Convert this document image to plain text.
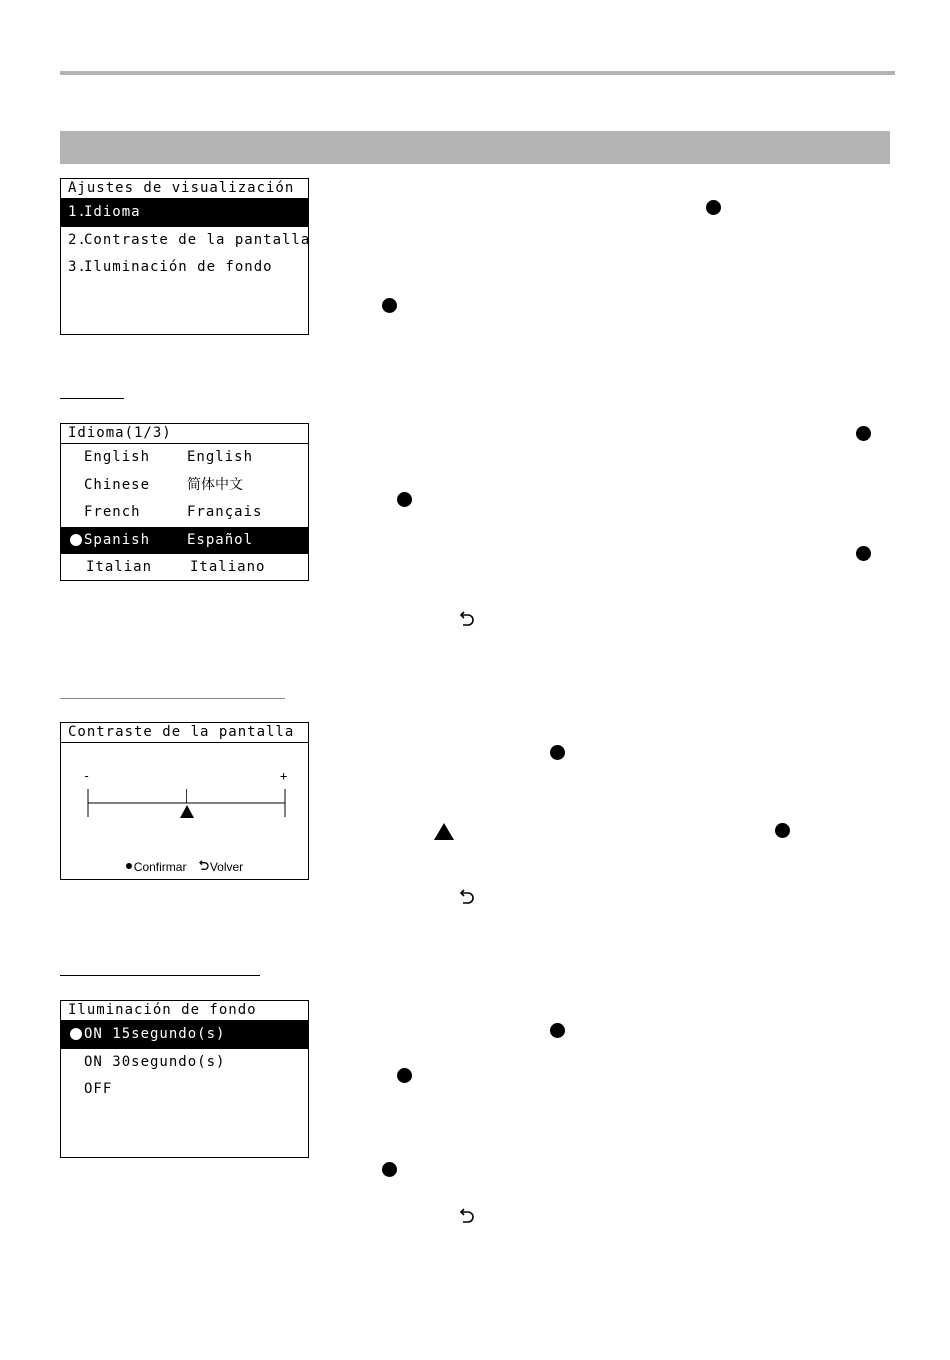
Ajustes de visualización
1.
Idioma
2.
Contraste de la pantalla
3.
Iluminación de fondo
Idioma(1/3)
English	English
Chinese	简体中文
French	Français
Spanish	Español
Italian	Italiano
Contraste de la pantalla
-	+
Confirmar Volver
Iluminación de fondo
ON 15segundo(s)
ON 30segundo(s)
OFF
